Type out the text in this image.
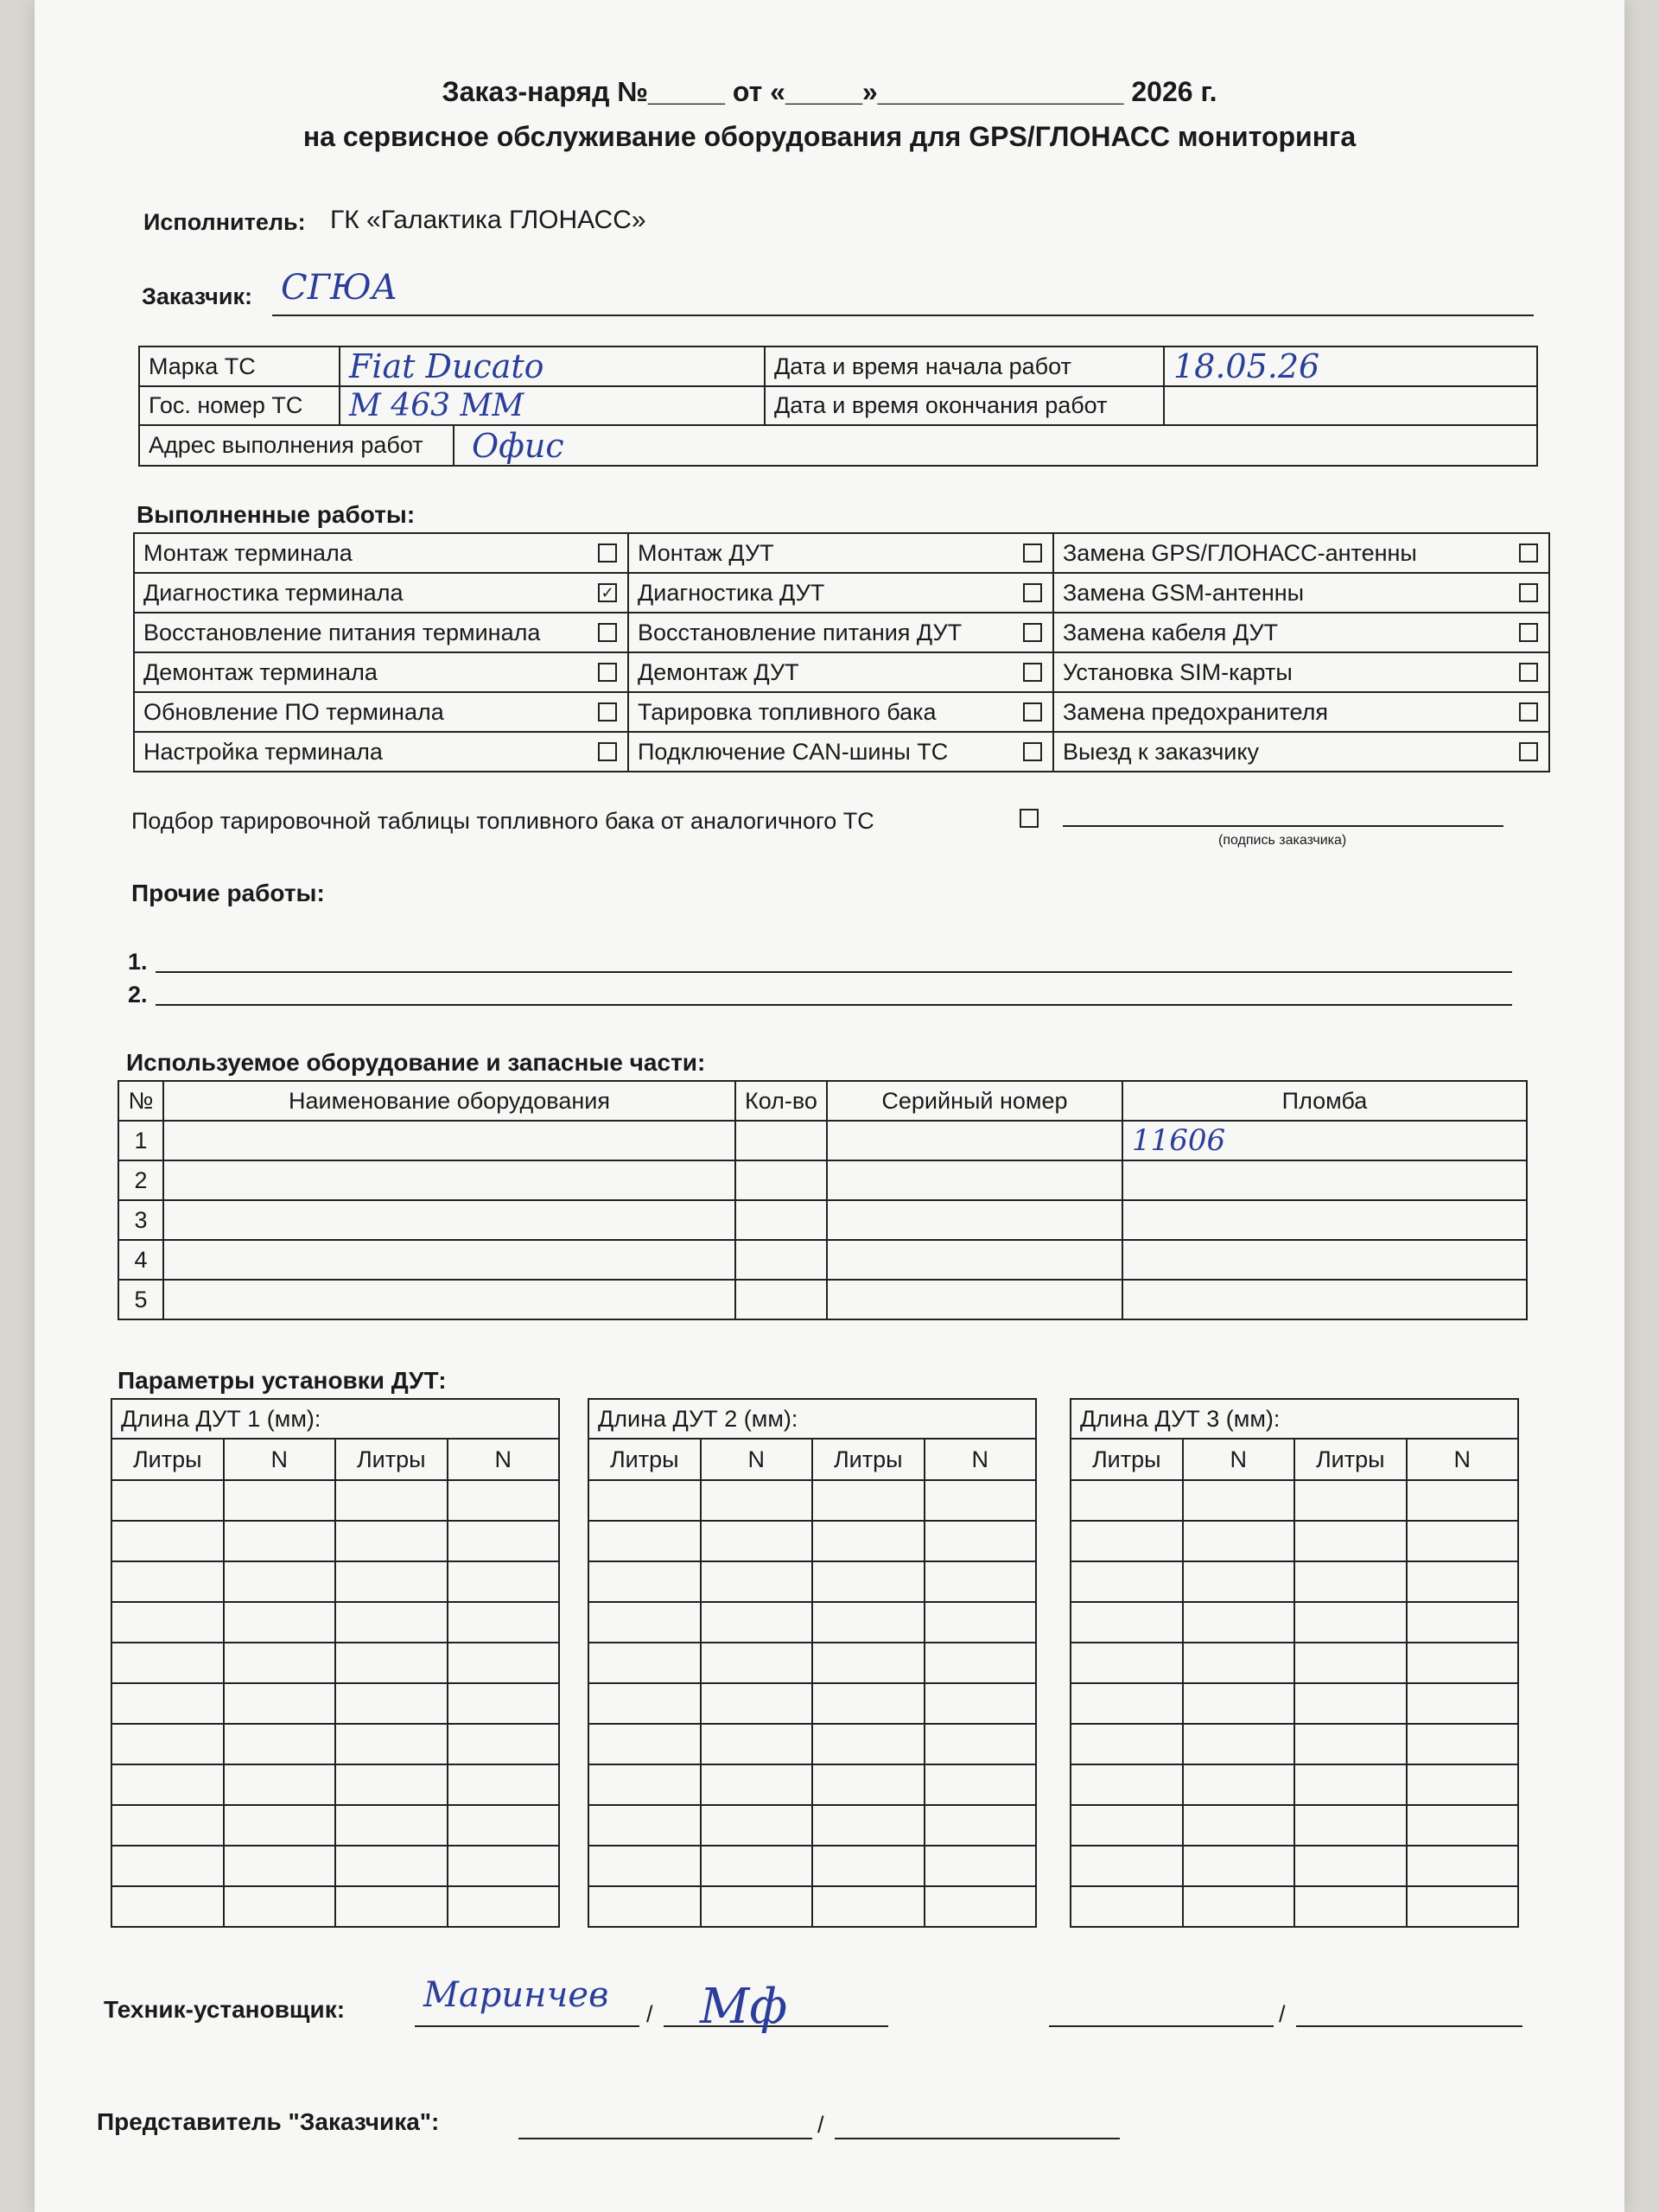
Заказ-наряд №_____ от «_____»________________ 2026 г.
на сервисное обслуживание оборудования для GPS/ГЛОНАСС мониторинга
Исполнитель: ГК «Галактика ГЛОНАСС»
Заказчик: СГЮА
Марка ТС	Fiat Ducato	Дата и время начала работ	18.05.26
Гос. номер ТС	М 463 ММ	Дата и время окончания работ	

Адрес выполнения работ Офис			
Выполненные работы:
Монтаж терминала	Монтаж ДУТ	Замена GPS/ГЛОНАСС-антенны

Диагностика терминала ✓	Диагностика ДУТ	Замена GSM-антенны

Восстановление питания терминала	Восстановление питания ДУТ	Замена кабеля ДУТ

Демонтаж терминала	Демонтаж ДУТ	Установка SIM-карты

Обновление ПО терминала	Тарировка топливного бака	Замена предохранителя

Настройка терминала	Подключение CAN-шины ТС	Выезд к заказчику
Подбор тарировочной таблицы топливного бака от аналогичного ТС
(подпись заказчика)
Прочие работы:
1.
2.
Используемое оборудование и запасные части:
№	Наименование оборудования	Кол-во	Серийный номер	Пломба
1				11606
2				
3				
4				
5				
Параметры установки ДУТ:
Длина ДУТ 1 (мм):			
Литры	N	Литры	N

Длина ДУТ 2 (мм):			
Литры	N	Литры	N

Длина ДУТ 3 (мм):			
Литры	N	Литры	N

Техник-установщик: Маринчев / Мф	/
Представитель "Заказчика":	/
